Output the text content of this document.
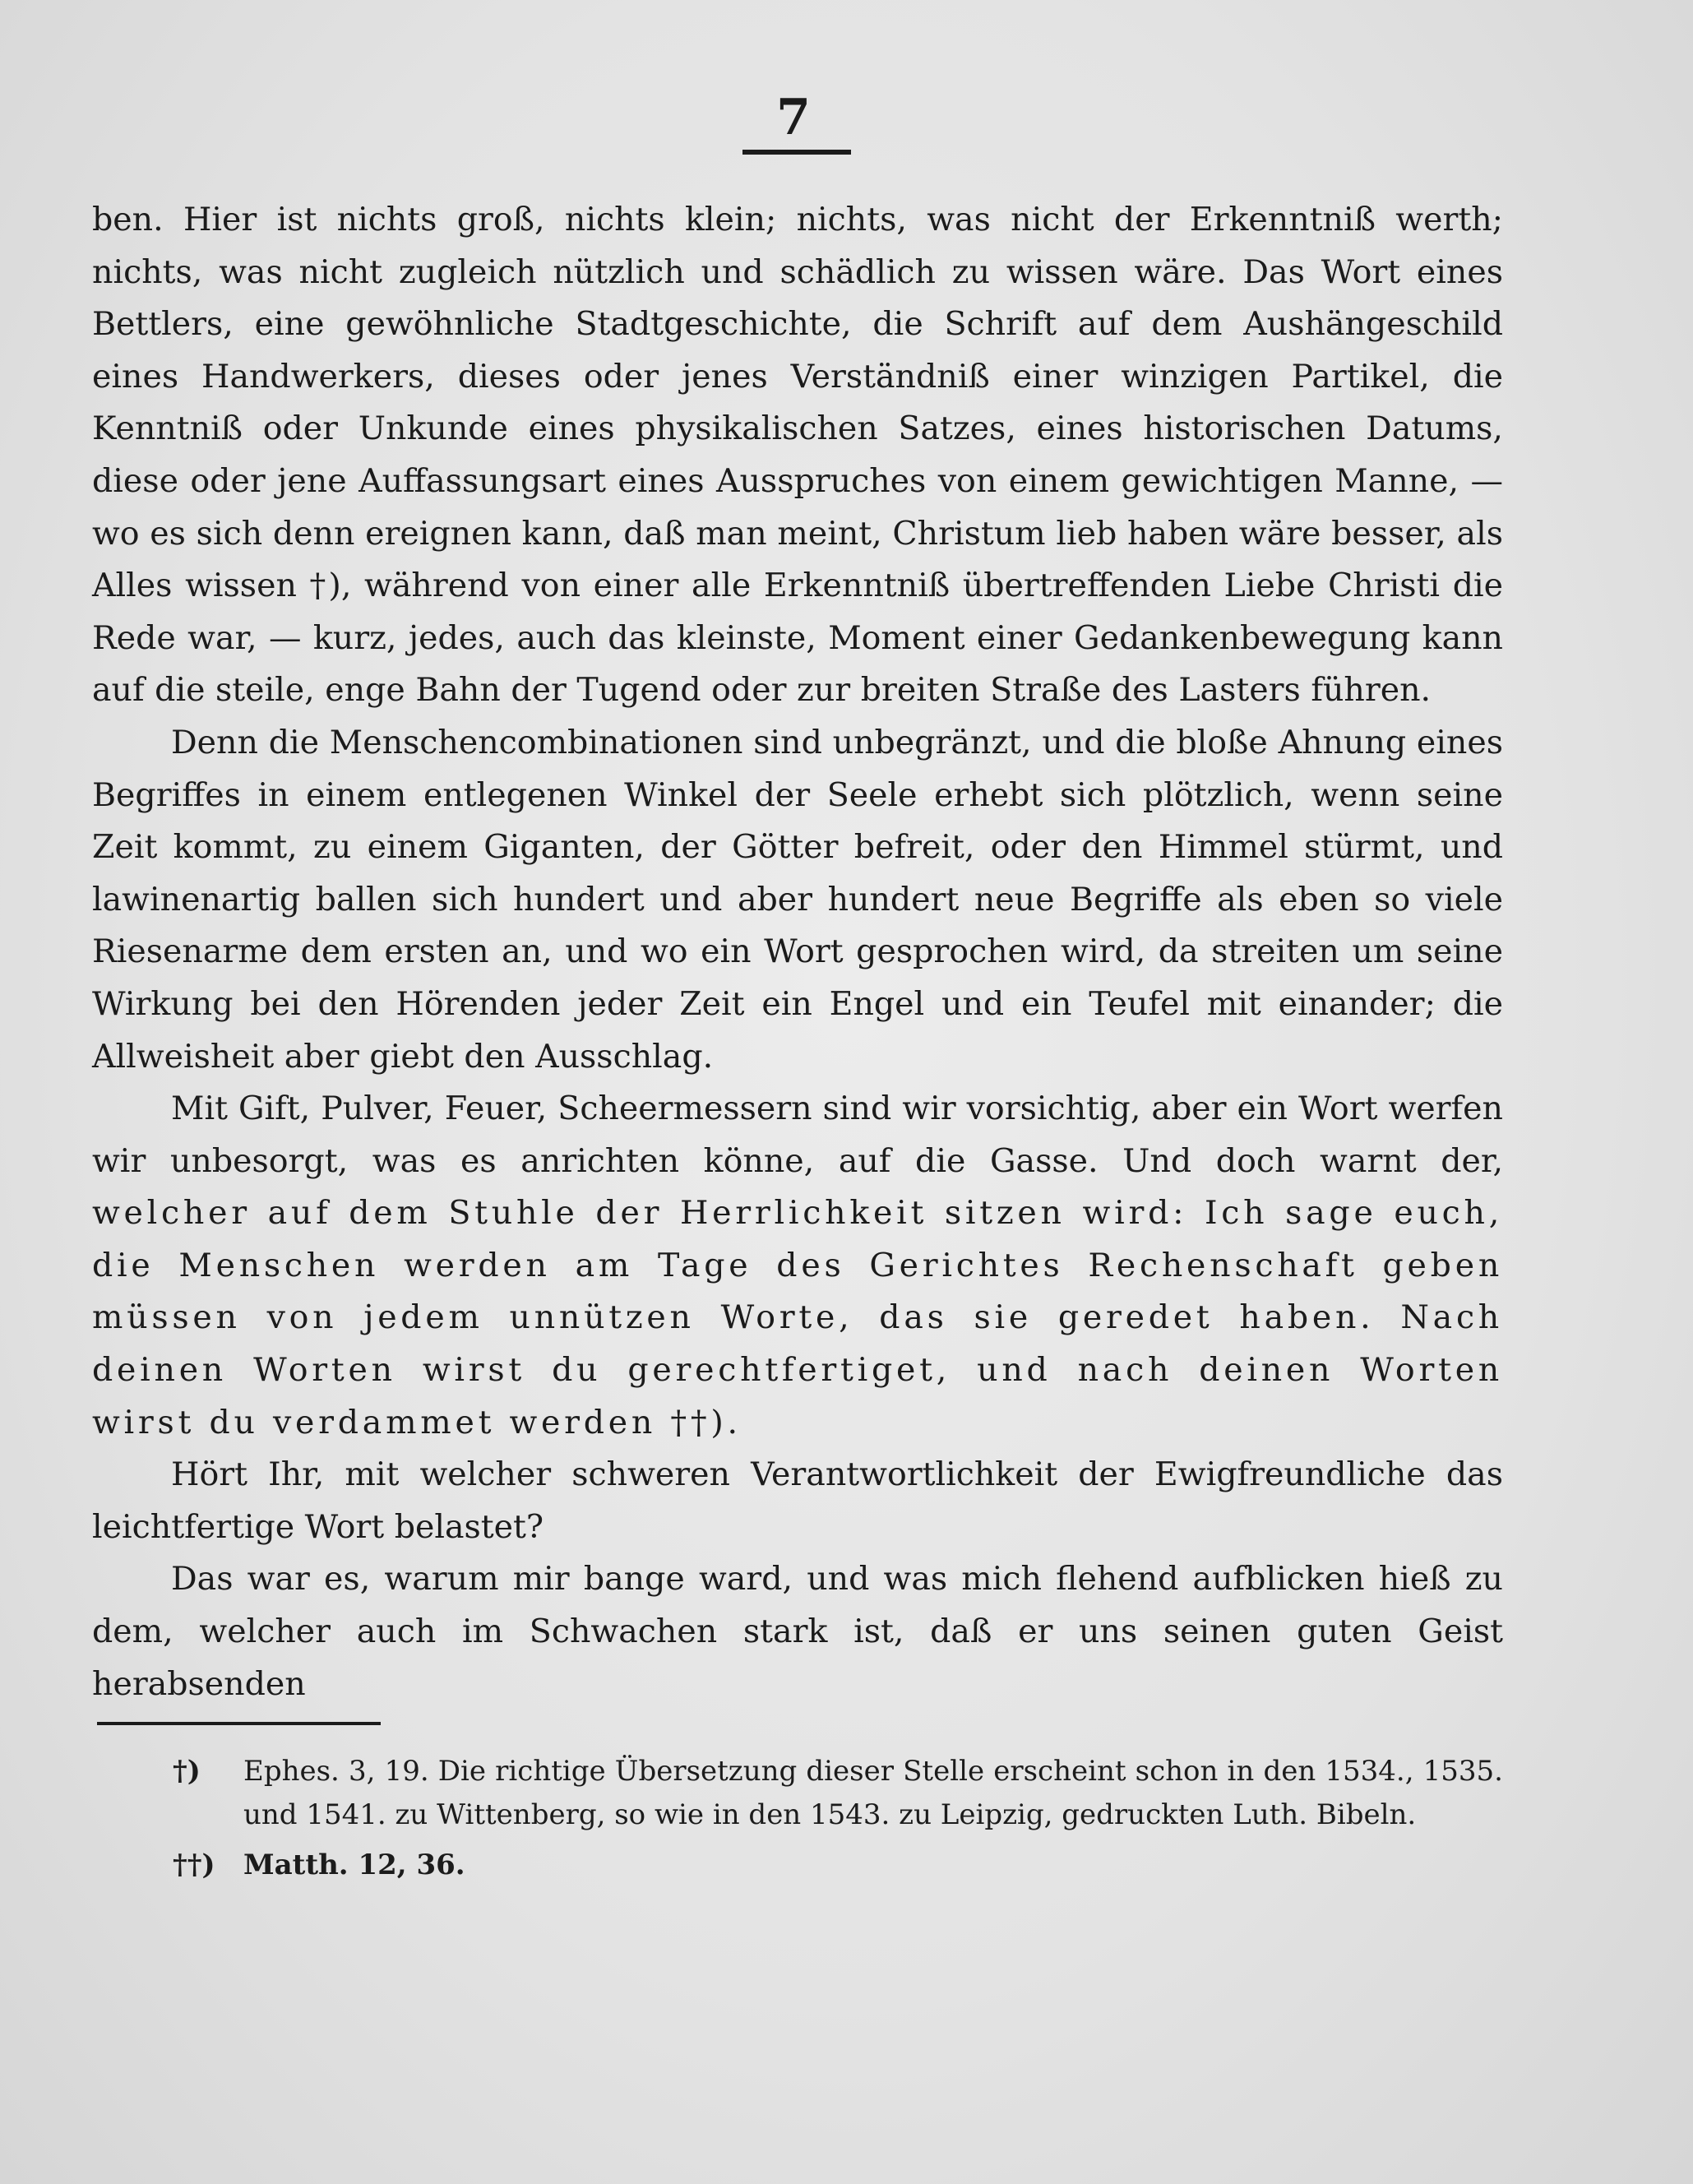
7

ben. Hier ist nichts groß, nichts klein; nichts, was nicht der Erkenntniß werth; nichts, was nicht zugleich nützlich und schädlich zu wissen wäre. Das Wort eines Bettlers, eine gewöhnliche Stadtgeschichte, die Schrift auf dem Aushängeschild eines Handwerkers, dieses oder jenes Verständniß einer winzigen Partikel, die Kenntniß oder Unkunde eines physikalischen Satzes, eines historischen Datums, diese oder jene Auffassungsart eines Ausspruches von einem gewichtigen Manne, — wo es sich denn ereignen kann, daß man meint, Christum lieb haben wäre besser, als Alles wissen †), während von einer alle Erkenntniß übertreffenden Liebe Christi die Rede war, — kurz, jedes, auch das kleinste, Moment einer Gedankenbewegung kann auf die steile, enge Bahn der Tugend oder zur breiten Straße des Lasters führen.

Denn die Menschencombinationen sind unbegränzt, und die bloße Ahnung eines Begriffes in einem entlegenen Winkel der Seele erhebt sich plötzlich, wenn seine Zeit kommt, zu einem Giganten, der Götter befreit, oder den Himmel stürmt, und lawinenartig ballen sich hundert und aber hundert neue Begriffe als eben so viele Riesenarme dem ersten an, und wo ein Wort gesprochen wird, da streiten um seine Wirkung bei den Hörenden jeder Zeit ein Engel und ein Teufel mit einander; die Allweisheit aber giebt den Ausschlag.

Mit Gift, Pulver, Feuer, Scheermessern sind wir vorsichtig, aber ein Wort werfen wir unbesorgt, was es anrichten könne, auf die Gasse. Und doch warnt der, welcher auf dem Stuhle der Herrlichkeit sitzen wird: Ich sage euch, die Menschen werden am Tage des Gerichtes Rechenschaft geben müssen von jedem unnützen Worte, das sie geredet haben. Nach deinen Worten wirst du gerechtfertiget, und nach deinen Worten wirst du verdammet werden ††).

Hört Ihr, mit welcher schweren Verantwortlichkeit der Ewigfreundliche das leichtfertige Wort belastet?

Das war es, warum mir bange ward, und was mich flehend aufblicken hieß zu dem, welcher auch im Schwachen stark ist, daß er uns seinen guten Geist herabsenden

†) Ephes. 3, 19. Die richtige Übersetzung dieser Stelle erscheint schon in den 1534., 1535. und 1541. zu Wittenberg, so wie in den 1543. zu Leipzig, gedruckten Luth. Bibeln.
††) Matth. 12, 36.
